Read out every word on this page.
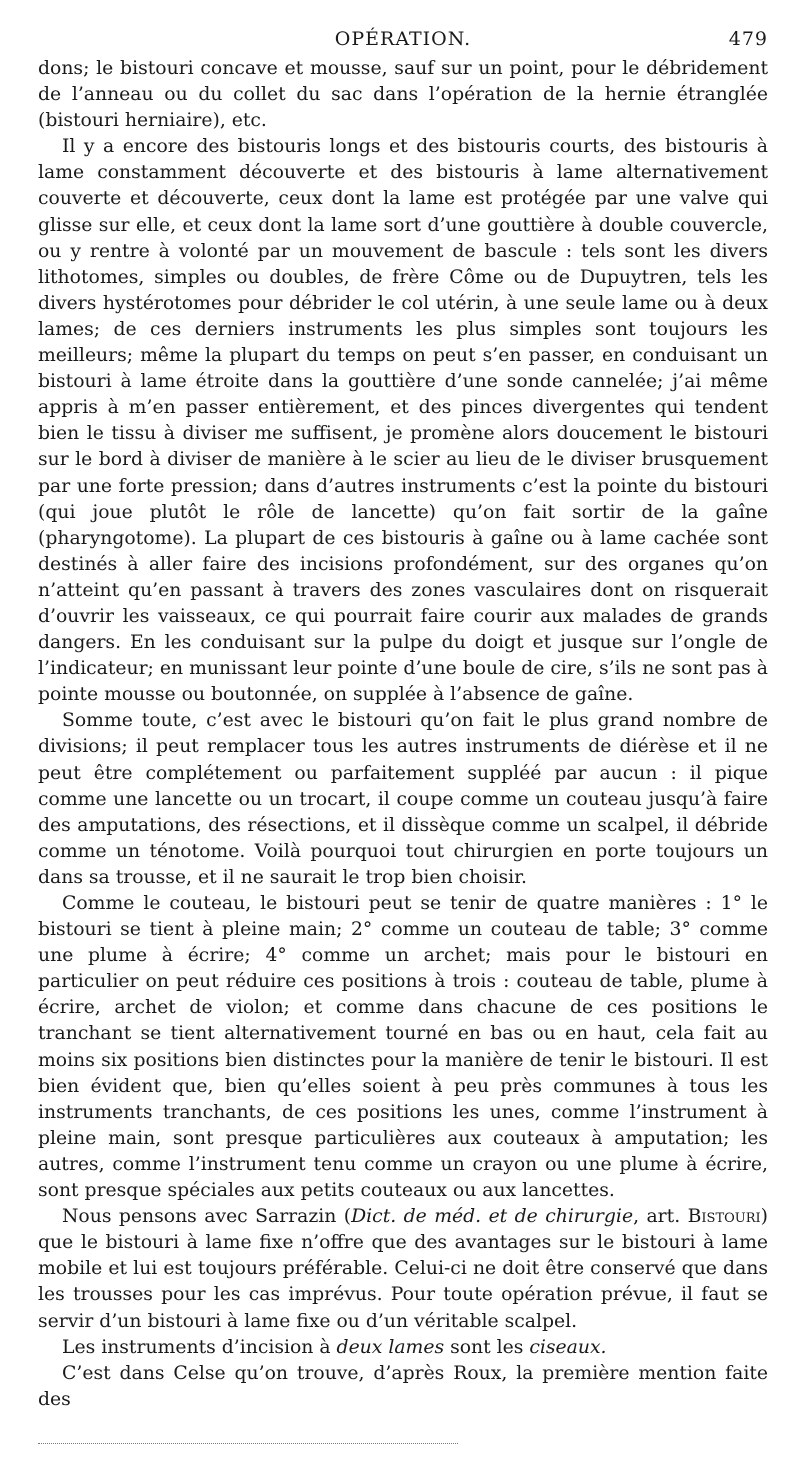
OPÉRATION.	479

dons; le bistouri concave et mousse, sauf sur un point, pour le débridement de l’anneau ou du collet du sac dans l’opération de la hernie étranglée (bistouri herniaire), etc.

Il y a encore des bistouris longs et des bistouris courts, des bistouris à lame constamment découverte et des bistouris à lame alternativement couverte et découverte, ceux dont la lame est protégée par une valve qui glisse sur elle, et ceux dont la lame sort d’une gouttière à double couvercle, ou y rentre à volonté par un mouvement de bascule : tels sont les divers lithotomes, simples ou doubles, de frère Côme ou de Dupuytren, tels les divers hystérotomes pour débrider le col utérin, à une seule lame ou à deux lames; de ces derniers instruments les plus simples sont toujours les meilleurs; même la plupart du temps on peut s’en passer, en conduisant un bistouri à lame étroite dans la gouttière d’une sonde cannelée; j’ai même appris à m’en passer entièrement, et des pinces divergentes qui tendent bien le tissu à diviser me suffisent, je promène alors doucement le bistouri sur le bord à diviser de manière à le scier au lieu de le diviser brusquement par une forte pression; dans d’autres instruments c’est la pointe du bistouri (qui joue plutôt le rôle de lancette) qu’on fait sortir de la gaîne (pharyngotome). La plupart de ces bistouris à gaîne ou à lame cachée sont destinés à aller faire des incisions profondément, sur des organes qu’on n’atteint qu’en passant à travers des zones vasculaires dont on risquerait d’ouvrir les vaisseaux, ce qui pourrait faire courir aux malades de grands dangers. En les conduisant sur la pulpe du doigt et jusque sur l’ongle de l’indicateur; en munissant leur pointe d’une boule de cire, s’ils ne sont pas à pointe mousse ou boutonnée, on supplée à l’absence de gaîne.

Somme toute, c’est avec le bistouri qu’on fait le plus grand nombre de divisions; il peut remplacer tous les autres instruments de diérèse et il ne peut être complétement ou parfaitement suppléé par aucun : il pique comme une lancette ou un trocart, il coupe comme un couteau jusqu’à faire des amputations, des résections, et il dissèque comme un scalpel, il débride comme un ténotome. Voilà pourquoi tout chirurgien en porte toujours un dans sa trousse, et il ne saurait le trop bien choisir.

Comme le couteau, le bistouri peut se tenir de quatre manières : 1° le bistouri se tient à pleine main; 2° comme un couteau de table; 3° comme une plume à écrire; 4° comme un archet; mais pour le bistouri en particulier on peut réduire ces positions à trois : couteau de table, plume à écrire, archet de violon; et comme dans chacune de ces positions le tranchant se tient alternativement tourné en bas ou en haut, cela fait au moins six positions bien distinctes pour la manière de tenir le bistouri. Il est bien évident que, bien qu’elles soient à peu près communes à tous les instruments tranchants, de ces positions les unes, comme l’instrument à pleine main, sont presque particulières aux couteaux à amputation; les autres, comme l’instrument tenu comme un crayon ou une plume à écrire, sont presque spéciales aux petits couteaux ou aux lancettes.

Nous pensons avec Sarrazin (Dict. de méd. et de chirurgie, art. Bistouri) que le bistouri à lame fixe n’offre que des avantages sur le bistouri à lame mobile et lui est toujours préférable. Celui-ci ne doit être conservé que dans les trousses pour les cas imprévus. Pour toute opération prévue, il faut se servir d’un bistouri à lame fixe ou d’un véritable scalpel.

Les instruments d’incision à deux lames sont les ciseaux.

C’est dans Celse qu’on trouve, d’après Roux, la première mention faite des
